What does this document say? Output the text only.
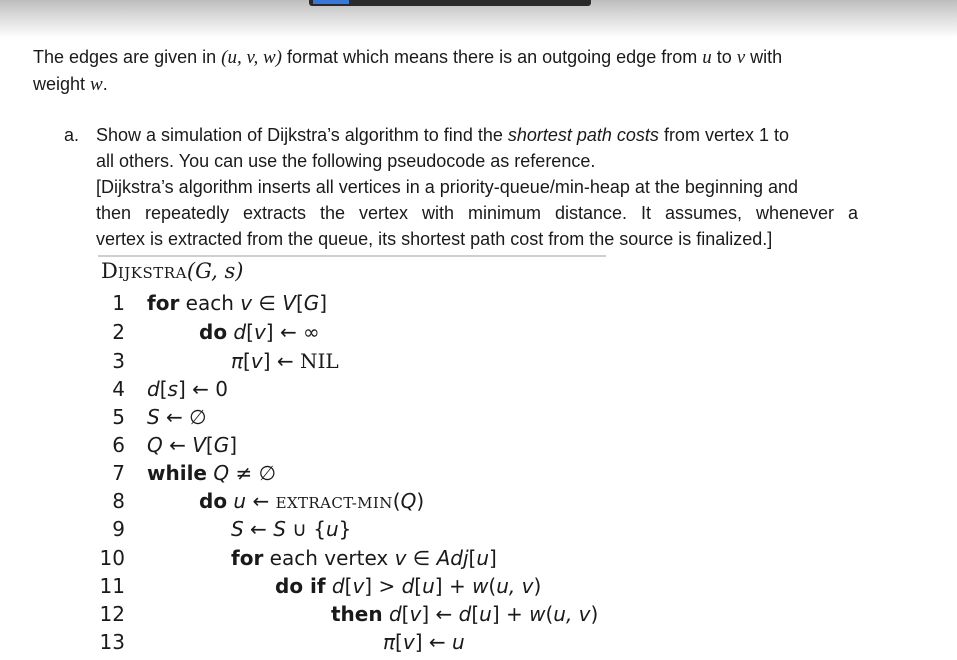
The edges are given in (u, v, w) format which means there is an outgoing edge from u to v with
weight w.
a. Show a simulation of Dijkstra’s algorithm to find the shortest path costs from vertex 1 to
all others. You can use the following pseudocode as reference.
[Dijkstra’s algorithm inserts all vertices in a priority-queue/min-heap at the beginning and
then repeatedly extracts the vertex with minimum distance. It assumes, whenever a
vertex is extracted from the queue, its shortest path cost from the source is finalized.]
DIJKSTRA(G, s)
1
2
3
4
5
6
7
8
9
10
11
12
13
for each v ∈ V[G]
do d[v] ← ∞
π[v] ← NIL
d[s] ← 0
S ← ∅
Q ← V[G]
while Q ≠ ∅
do u ← EXTRACT-MIN(Q)
S ← S ∪ {u}
for each vertex v ∈ Adj[u]
do if d[v] > d[u] + w(u, v)
then d[v] ← d[u] + w(u, v)
π[v] ← u
